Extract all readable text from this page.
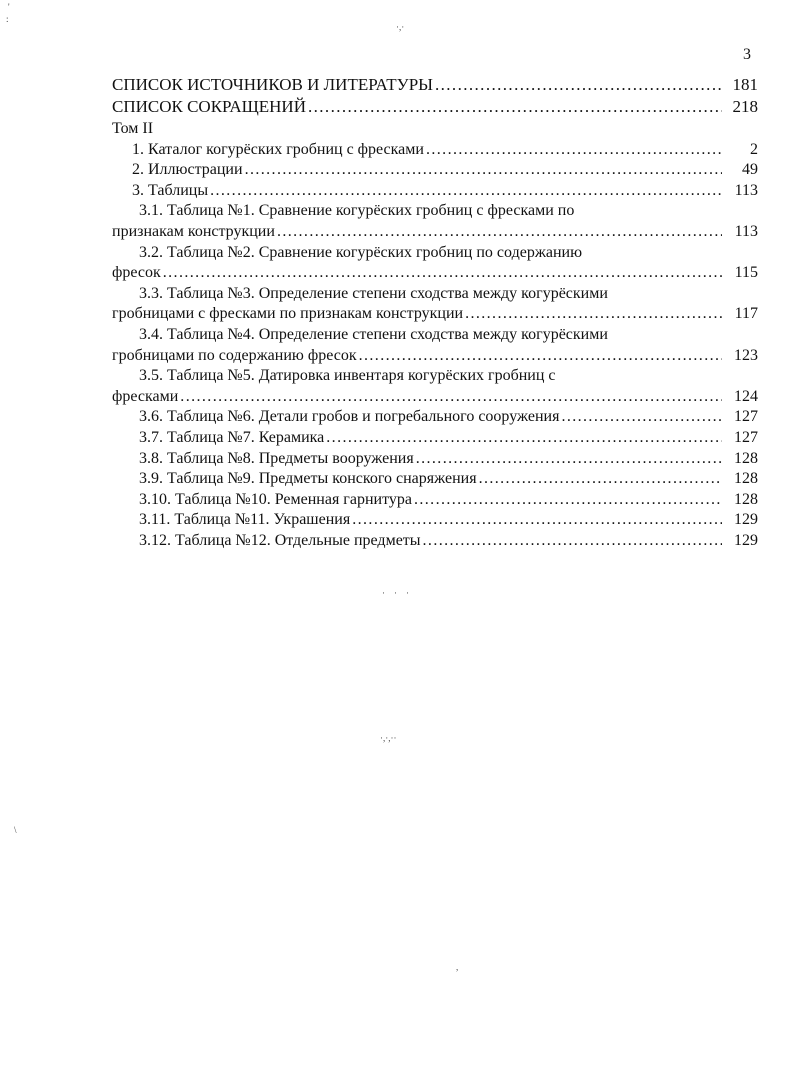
3
СПИСОК ИСТОЧНИКОВ И ЛИТЕРАТУРЫ .....	181
СПИСОК СОКРАЩЕНИЙ .....	218
Том II
1. Каталог когурёских гробниц с фресками .....	2
2. Иллюстрации .....	49
3. Таблицы .....	113
3.1. Таблица №1. Сравнение когурёских гробниц с фресками по
признакам конструкции .....	113
3.2. Таблица №2. Сравнение когурёских гробниц по содержанию
фресок .....	115
3.3. Таблица №3. Определение степени сходства между когурёскими
гробницами с фресками по признакам конструкции .....	117
3.4. Таблица №4. Определение степени сходства между когурёскими
гробницами по содержанию фресок .....	123
3.5. Таблица №5. Датировка инвентаря когурёских гробниц с
фресками .....	124
3.6. Таблица №6. Детали гробов и погребального сооружения .....	127
3.7. Таблица №7. Керамика .....	127
3.8. Таблица №8. Предметы вооружения .....	128
3.9. Таблица №9. Предметы конского снаряжения .....	128
3.10. Таблица №10. Ременная гарнитура .....	128
3.11. Таблица №11. Украшения .....	129
3.12. Таблица №12. Отдельные предметы .....	129
'
:
·,·
·    ·    ·
·,·,··
\
,
